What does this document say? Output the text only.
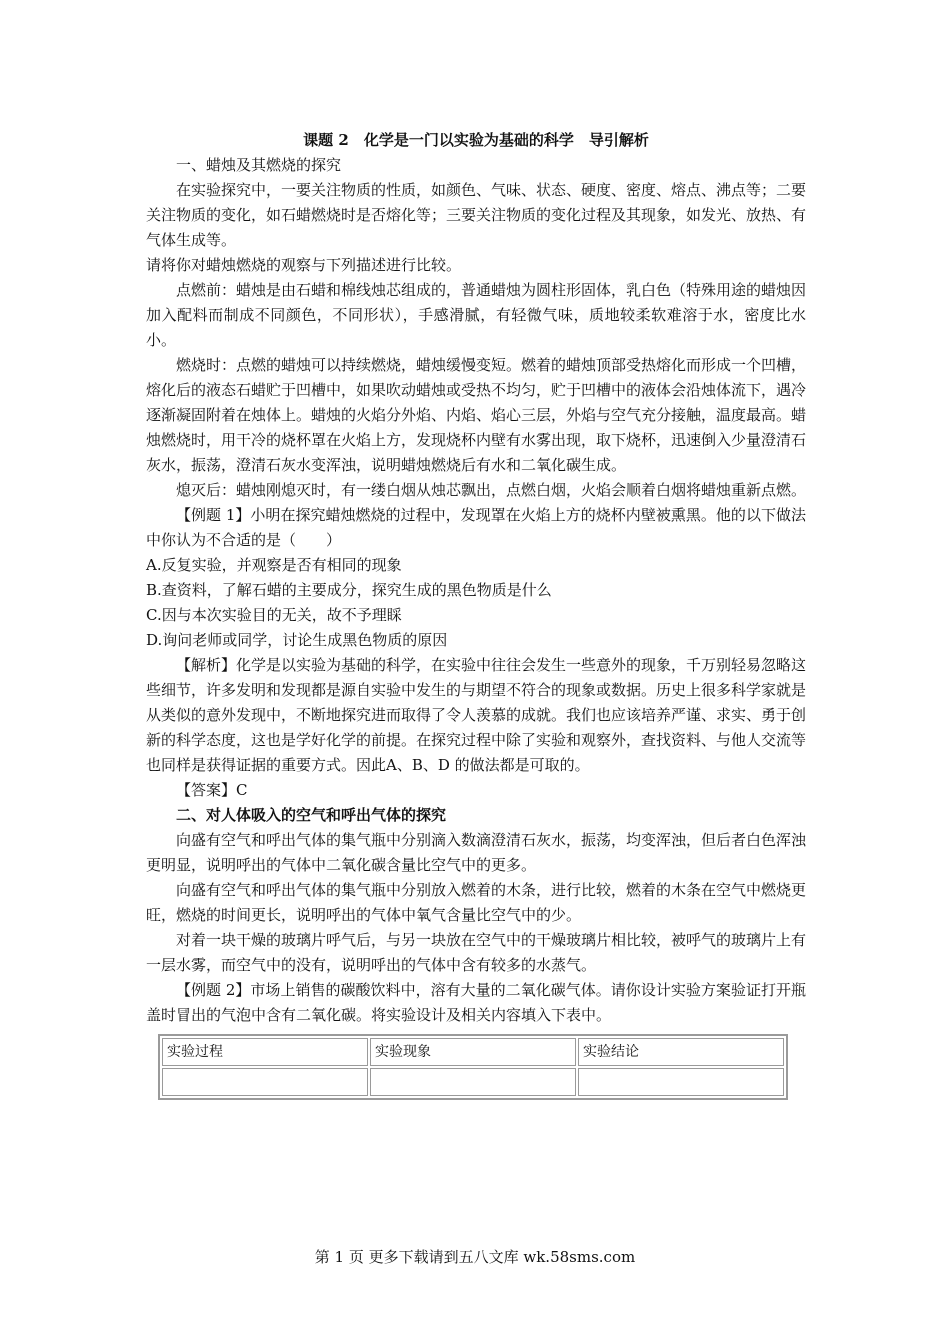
课题 2　化学是一门以实验为基础的科学　导引解析

一、蜡烛及其燃烧的探究

在实验探究中，一要关注物质的性质，如颜色、气味、状态、硬度、密度、熔点、沸点等；二要关注物质的变化，如石蜡燃烧时是否熔化等；三要关注物质的变化过程及其现象，如发光、放热、有气体生成等。

请将你对蜡烛燃烧的观察与下列描述进行比较。

点燃前：蜡烛是由石蜡和棉线烛芯组成的，普通蜡烛为圆柱形固体，乳白色（特殊用途的蜡烛因加入配料而制成不同颜色，不同形状），手感滑腻，有轻微气味，质地较柔软难溶于水，密度比水小。

燃烧时：点燃的蜡烛可以持续燃烧，蜡烛缓慢变短。燃着的蜡烛顶部受热熔化而形成一个凹槽，熔化后的液态石蜡贮于凹槽中，如果吹动蜡烛或受热不均匀，贮于凹槽中的液体会沿烛体流下，遇冷逐渐凝固附着在烛体上。蜡烛的火焰分外焰、内焰、焰心三层，外焰与空气充分接触，温度最高。蜡烛燃烧时，用干冷的烧杯罩在火焰上方，发现烧杯内壁有水雾出现，取下烧杯，迅速倒入少量澄清石灰水，振荡，澄清石灰水变浑浊，说明蜡烛燃烧后有水和二氧化碳生成。

熄灭后：蜡烛刚熄灭时，有一缕白烟从烛芯飘出，点燃白烟，火焰会顺着白烟将蜡烛重新点燃。

【例题 1】小明在探究蜡烛燃烧的过程中，发现罩在火焰上方的烧杯内壁被熏黑。他的以下做法中你认为不合适的是（　　）

A.反复实验，并观察是否有相同的现象

B.查资料，了解石蜡的主要成分，探究生成的黑色物质是什么

C.因与本次实验目的无关，故不予理睬

D.询问老师或同学，讨论生成黑色物质的原因

【解析】化学是以实验为基础的科学，在实验中往往会发生一些意外的现象，千万别轻易忽略这些细节，许多发明和发现都是源自实验中发生的与期望不符合的现象或数据。历史上很多科学家就是从类似的意外发现中，不断地探究进而取得了令人羡慕的成就。我们也应该培养严谨、求实、勇于创新的科学态度，这也是学好化学的前提。在探究过程中除了实验和观察外，查找资料、与他人交流等也同样是获得证据的重要方式。因此A、B、D 的做法都是可取的。

【答案】C

二、对人体吸入的空气和呼出气体的探究

向盛有空气和呼出气体的集气瓶中分别滴入数滴澄清石灰水，振荡，均变浑浊，但后者白色浑浊更明显，说明呼出的气体中二氧化碳含量比空气中的更多。

向盛有空气和呼出气体的集气瓶中分别放入燃着的木条，进行比较，燃着的木条在空气中燃烧更旺，燃烧的时间更长，说明呼出的气体中氧气含量比空气中的少。

对着一块干燥的玻璃片呼气后，与另一块放在空气中的干燥玻璃片相比较，被呼气的玻璃片上有一层水雾，而空气中的没有，说明呼出的气体中含有较多的水蒸气。

【例题 2】市场上销售的碳酸饮料中，溶有大量的二氧化碳气体。请你设计实验方案验证打开瓶盖时冒出的气泡中含有二氧化碳。将实验设计及相关内容填入下表中。

实验过程	实验现象	实验结论

第 1 页 更多下载请到五八文库 wk.58sms.com
